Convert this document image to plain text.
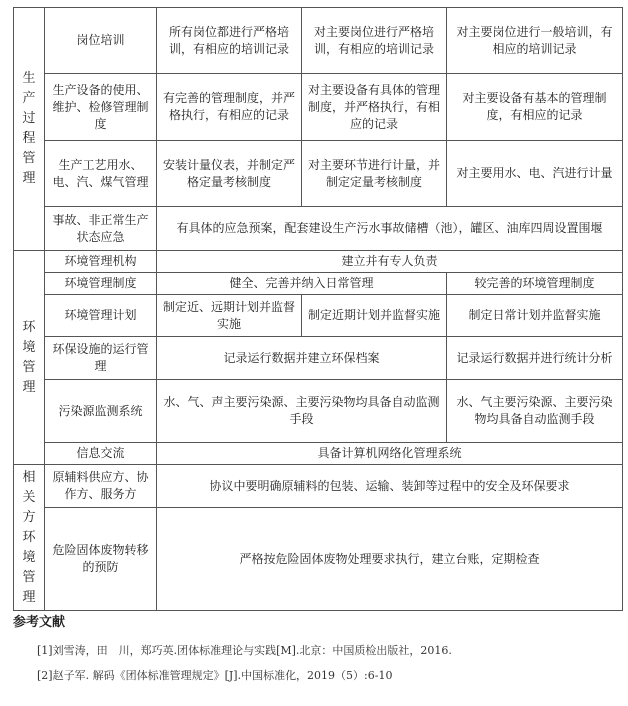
生产过程管理	岗位培训	所有岗位都进行严格培训，有相应的培训记录	对主要岗位进行严格培训，有相应的培训记录	对主要岗位进行一般培训，有相应的培训记录
	生产设备的使用、维护、检修管理制度	有完善的管理制度，并严格执行，有相应的记录	对主要设备有具体的管理制度，并严格执行，有相应的记录	对主要设备有基本的管理制度，有相应的记录
	生产工艺用水、电、汽、煤气管理	安装计量仪表，并制定严格定量考核制度	对主要环节进行计量，并制定定量考核制度	对主要用水、电、汽进行计量
	事故、非正常生产状态应急	有具体的应急预案，配套建设生产污水事故储槽（池），罐区、油库四周设置围堰		

环境管理	环境管理机构	建立并有专人负责		
	环境管理制度	健全、完善并纳入日常管理		较完善的环境管理制度
	环境管理计划	制定近、远期计划并监督实施	制定近期计划并监督实施	制定日常计划并监督实施
	环保设施的运行管理	记录运行数据并建立环保档案		记录运行数据并进行统计分析
	污染源监测系统	水、气、声主要污染源、主要污染物均具备自动监测手段		水、气主要污染源、主要污染物均具备自动监测手段
	信息交流	具备计算机网络化管理系统		

相关方环境管理	原辅料供应方、协作方、服务方	协议中要明确原辅料的包装、运输、装卸等过程中的安全及环保要求		
	危险固体废物转移的预防	严格按危险固体废物处理要求执行，建立台账，定期检查		
参考文献
[1]刘雪涛，田　川，郑巧英.团体标准理论与实践[M].北京：中国质检出版社，2016.
[2]赵子军. 解码《团体标准管理规定》[J].中国标准化，2019（5）:6-10
